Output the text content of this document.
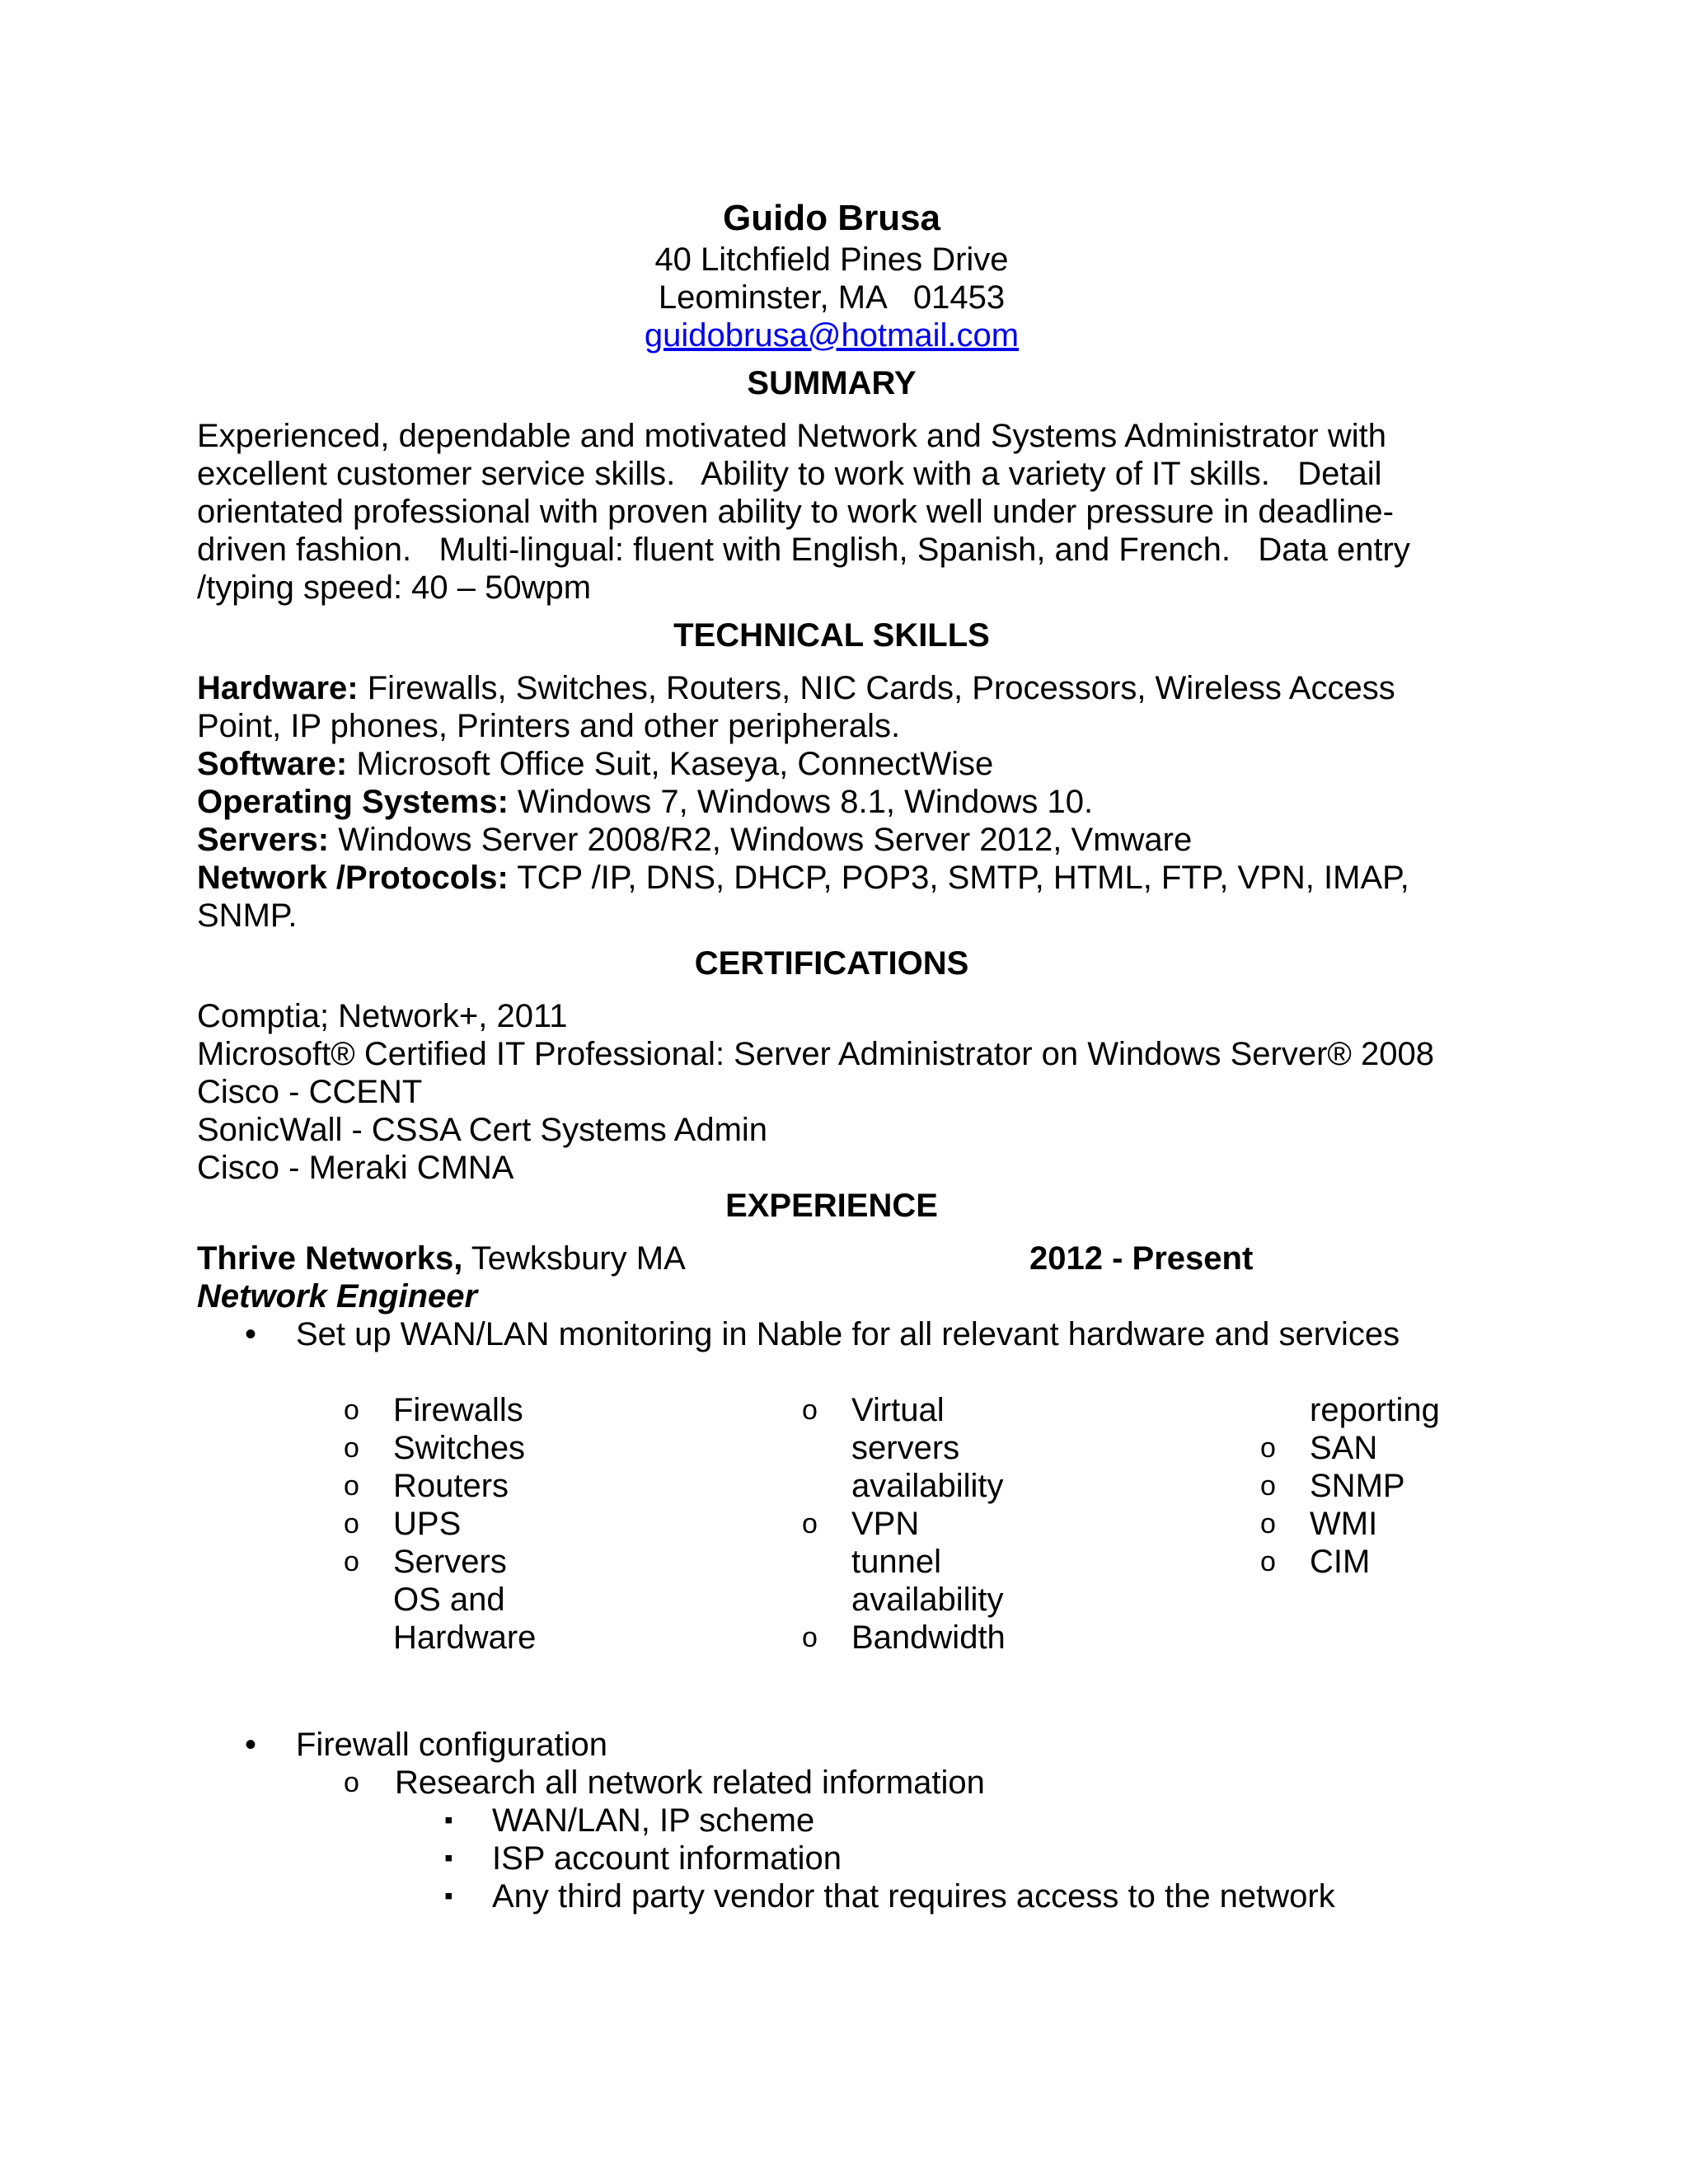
Guido Brusa

40 Litchfield Pines Drive

Leominster, MA   01453

guidobrusa@hotmail.com

SUMMARY

Experienced, dependable and motivated Network and Systems Administrator with excellent customer service skills.   Ability to work with a variety of IT skills.   Detail orientated professional with proven ability to work well under pressure in deadline-driven fashion.   Multi-lingual: fluent with English, Spanish, and French.   Data entry /typing speed: 40 – 50wpm

TECHNICAL SKILLS

Hardware: Firewalls, Switches, Routers, NIC Cards, Processors, Wireless Access Point, IP phones, Printers and other peripherals.

Software: Microsoft Office Suit, Kaseya, ConnectWise

Operating Systems: Windows 7, Windows 8.1, Windows 10.

Servers: Windows Server 2008/R2, Windows Server 2012, Vmware

Network /Protocols: TCP /IP, DNS, DHCP, POP3, SMTP, HTML, FTP, VPN, IMAP, SNMP.

CERTIFICATIONS

Comptia; Network+, 2011

Microsoft® Certified IT Professional: Server Administrator on Windows Server® 2008

Cisco - CCENT

SonicWall - CSSA Cert Systems Admin

Cisco - Meraki CMNA

EXPERIENCE

Thrive Networks, Tewksbury MA	2012 - Present

Network Engineer

• Set up WAN/LAN monitoring in Nable for all relevant hardware and services
o Firewalls
o Switches
o Routers
o UPS
o Servers OS and Hardware
o Virtual servers availability
o VPN tunnel availability
o Bandwidth
reporting
o SAN
o SNMP
o WMI
o CIM
• Firewall configuration
o Research all network related information
▪ WAN/LAN, IP scheme
▪ ISP account information
▪ Any third party vendor that requires access to the network
